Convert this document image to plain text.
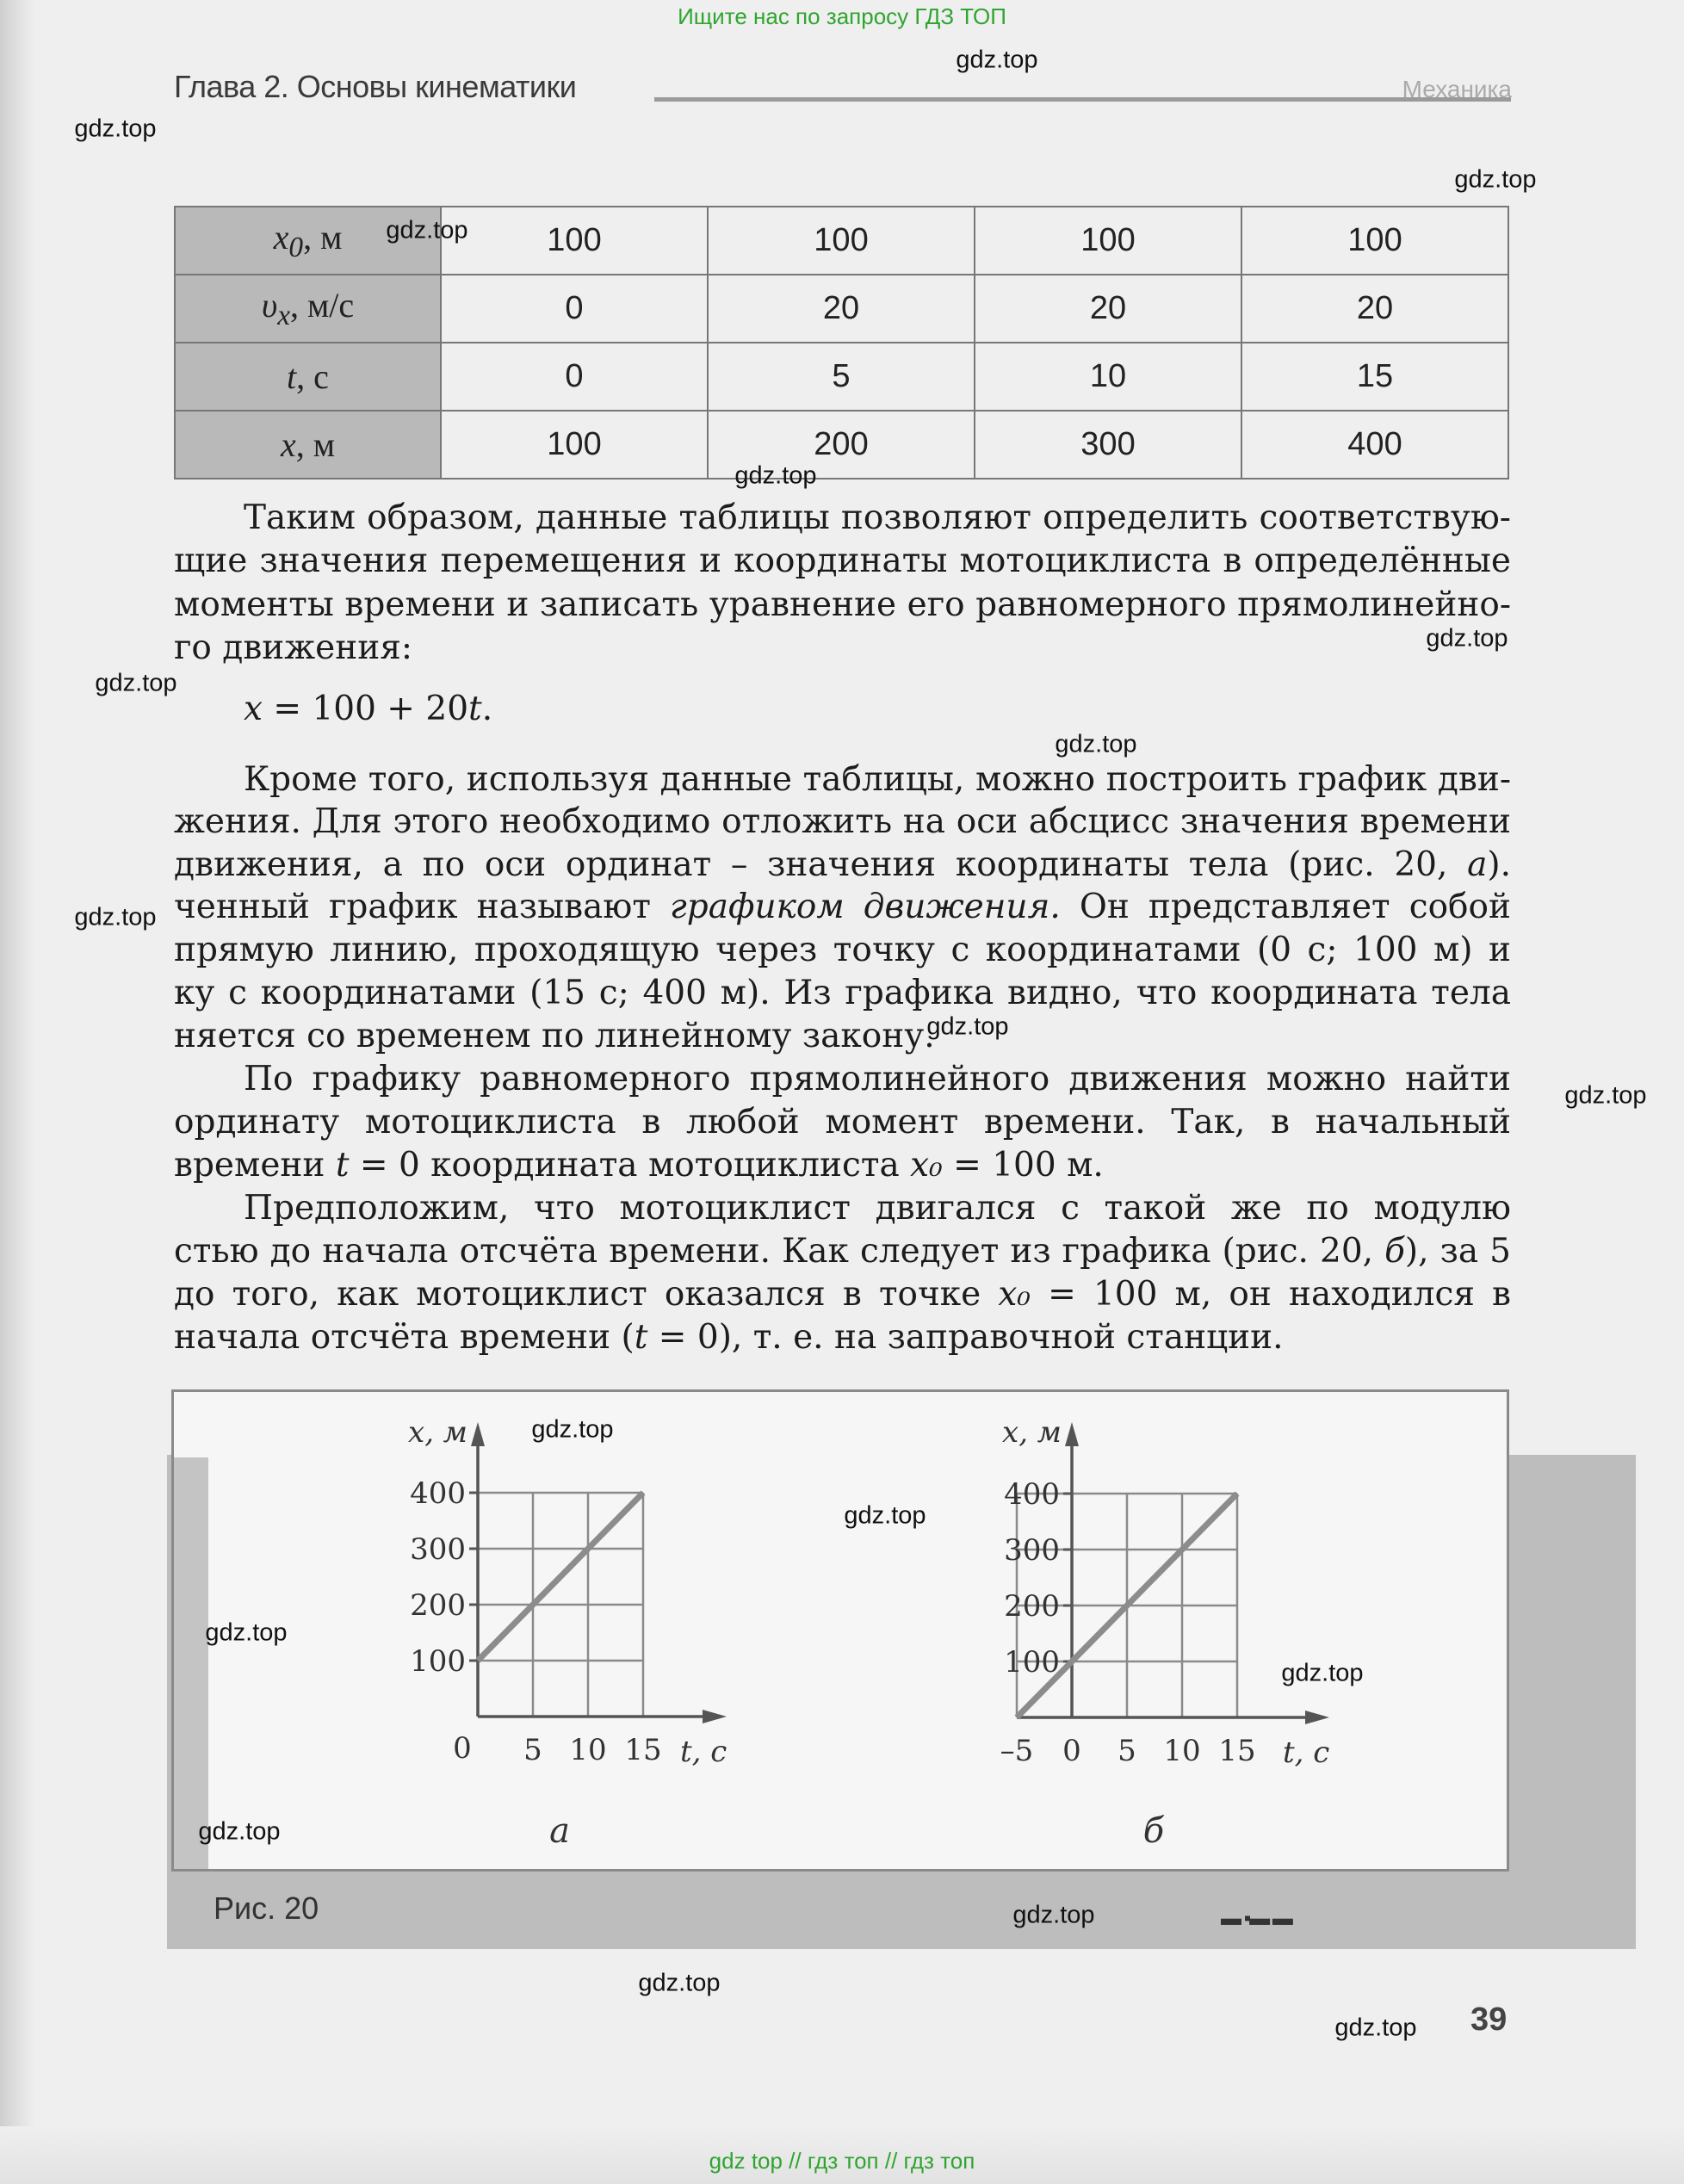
Ищите нас по запросу ГДЗ ТОП
Глава 2. Основы кинематики	Механика
$x_0$, м	100	100	100	100
$\upsilon_x$, м/с	0	20	20	20
t, с	0	5	10	15
x, м	100	200	300	400
Таким образом, данные таблицы позволяют определить соответствую-
щие значения перемещения и координаты мотоциклиста в определённые
моменты времени и записать уравнение его равномерного прямолинейно-
го движения:
x = 100 + 20t.
Кроме того, используя данные таблицы, можно построить график дви-
жения. Для этого необходимо отложить на оси абсцисс значения времени
движения, а по оси ординат – значения координаты тела (рис. 20, а).
ченный график называют графиком движения. Он представляет собой
прямую линию, проходящую через точку с координатами (0 с; 100 м) и
ку с координатами (15 с; 400 м). Из графика видно, что координата тела
няется со временем по линейному закону.
По графику равномерного прямолинейного движения можно найти
ординату мотоциклиста в любой момент времени. Так, в начальный
времени t = 0 координата мотоциклиста x₀ = 100 м.
Предположим, что мотоциклист двигался с такой же по модулю
стью до начала отсчёта времени. Как следует из графика (рис. 20, б), за 5
до того, как мотоциклист оказался в точке x₀ = 100 м, он находился в
начала отсчёта времени (t = 0), т. е. на заправочной станции.
100
200
300
400
0 5 10 15
x, м
t, с
а
100
200
300
400
–5 0 5 10 15
x, м
t, с
б
Рис. 20	▬ ▪▬ ▬
39
gdz top // гдз топ // гдз топ
gdz.top
gdz.top
gdz.top
gdz.top
gdz.top
gdz.top
gdz.top
gdz.top
gdz.top
gdz.top
gdz.top
gdz.top
gdz.top
gdz.top
gdz.top
gdz.top
gdz.top
gdz.top
gdz.top
